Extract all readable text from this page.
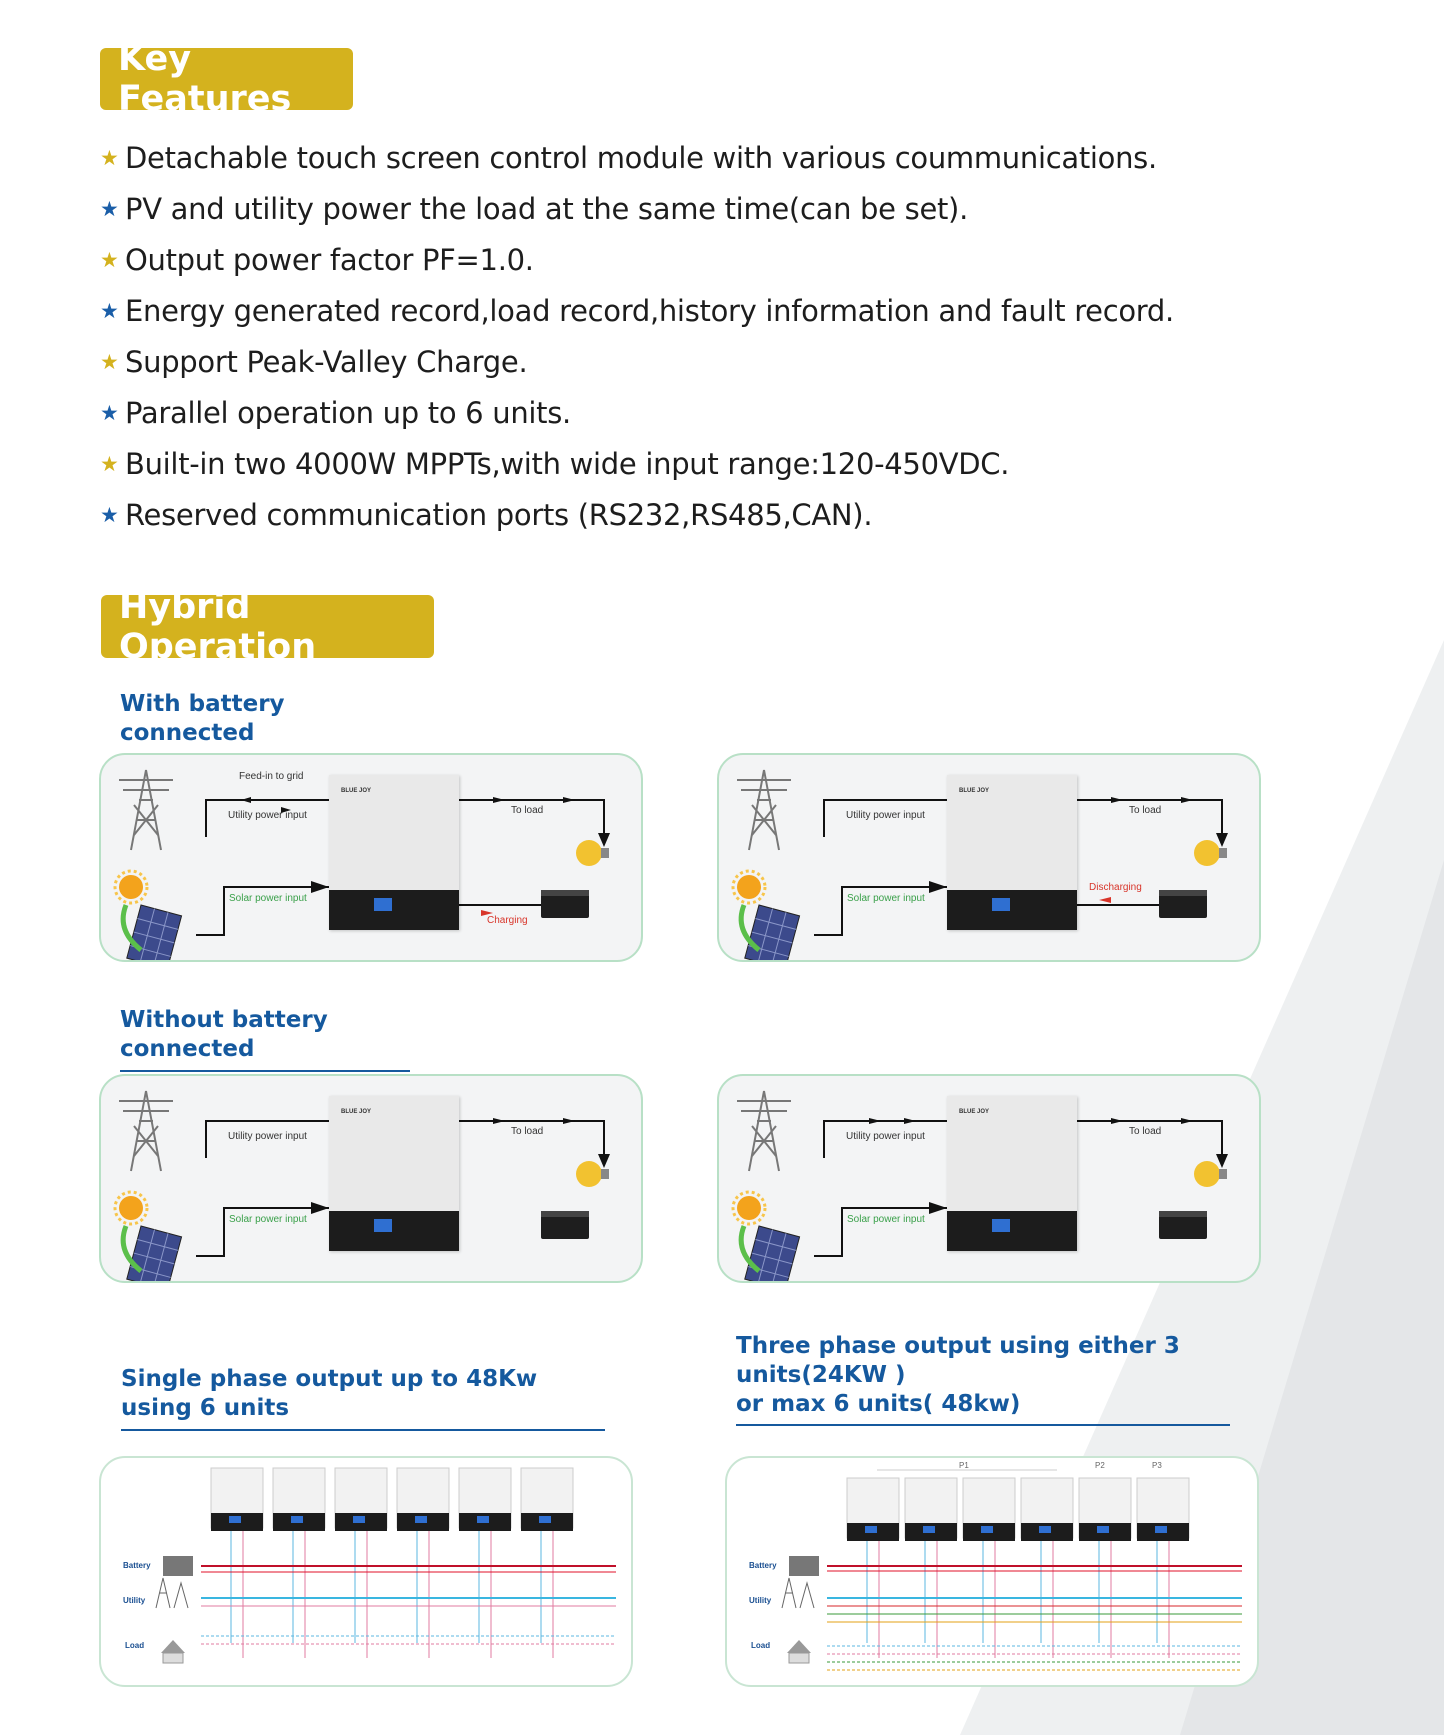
Key Features
★ Detachable touch screen control module with various coummunications.
★ PV and utility power the load at the same time(can be set).
★ Output power factor PF=1.0.
★ Energy generated record,load record,history information and fault record.
★ Support Peak-Valley Charge.
★ Parallel operation up to 6 units.
★ Built-in two 4000W MPPTs,with wide input range:120-450VDC.
★ Reserved communication ports (RS232,RS485,CAN).
Hybrid Operation
With battery connected
Without battery connected
Single phase output up to 48Kw using 6 units
Three phase output using either 3 units(24KW )
or max 6 units( 48kw)
BLUE JOY
Feed-in to grid
Utility power input
Solar power input
To load
Charging
BLUE JOY
Utility power input
Solar power input
To load
Discharging
BLUE JOY
Utility power input
Solar power input
To load
BLUE JOY
Utility power input
Solar power input
To load
Battery
Utility
Load
Battery
Utility
Load
P1	P2	P3
